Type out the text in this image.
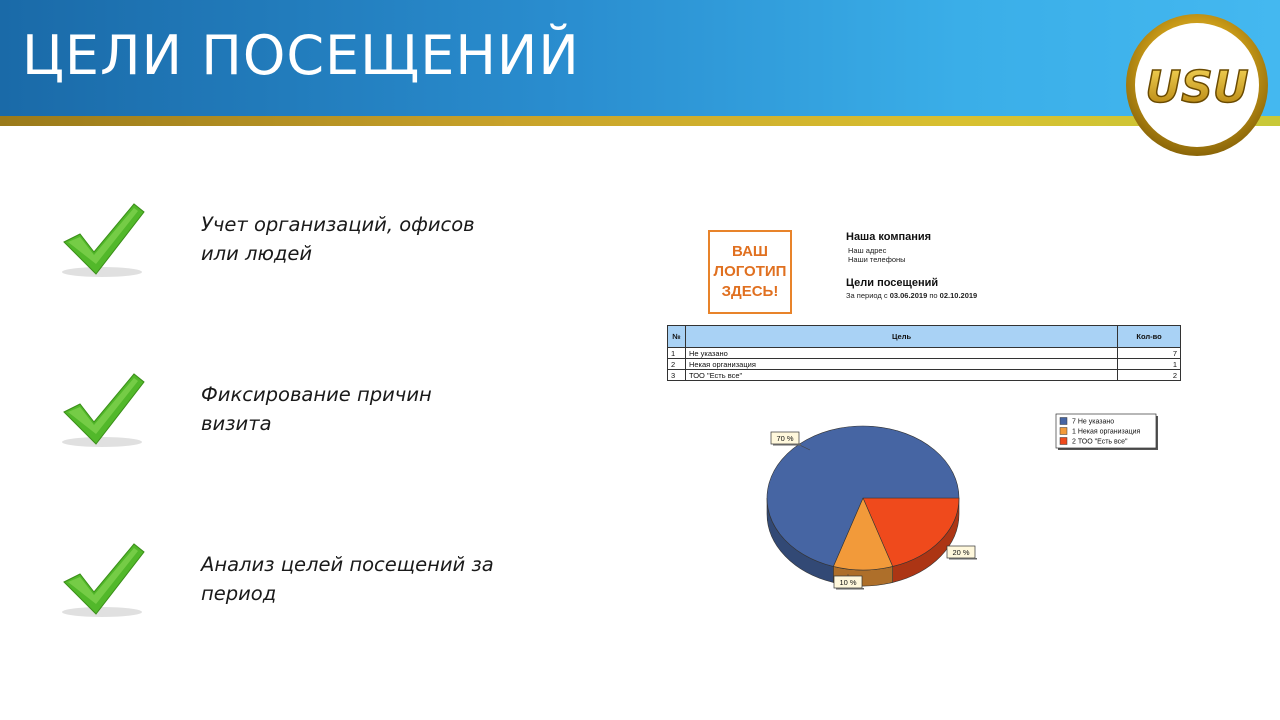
ЦЕЛИ ПОСЕЩЕНИЙ
USU
Учет организаций, офисов или людей
Фиксирование причин визита
Анализ целей посещений за период
ВАШ ЛОГОТИП ЗДЕСЬ!
Наша компания
Наш адрес
Наши телефоны
Цели посещений
За период с 03.06.2019 по 02.10.2019
№	Цель	Кол-во
1	Не указано	7
2	Некая организация	1
3	ТОО "Есть все"	2
70 %
10 %
20 %
7 Не указано
1 Некая организация
2 ТОО "Есть все"
